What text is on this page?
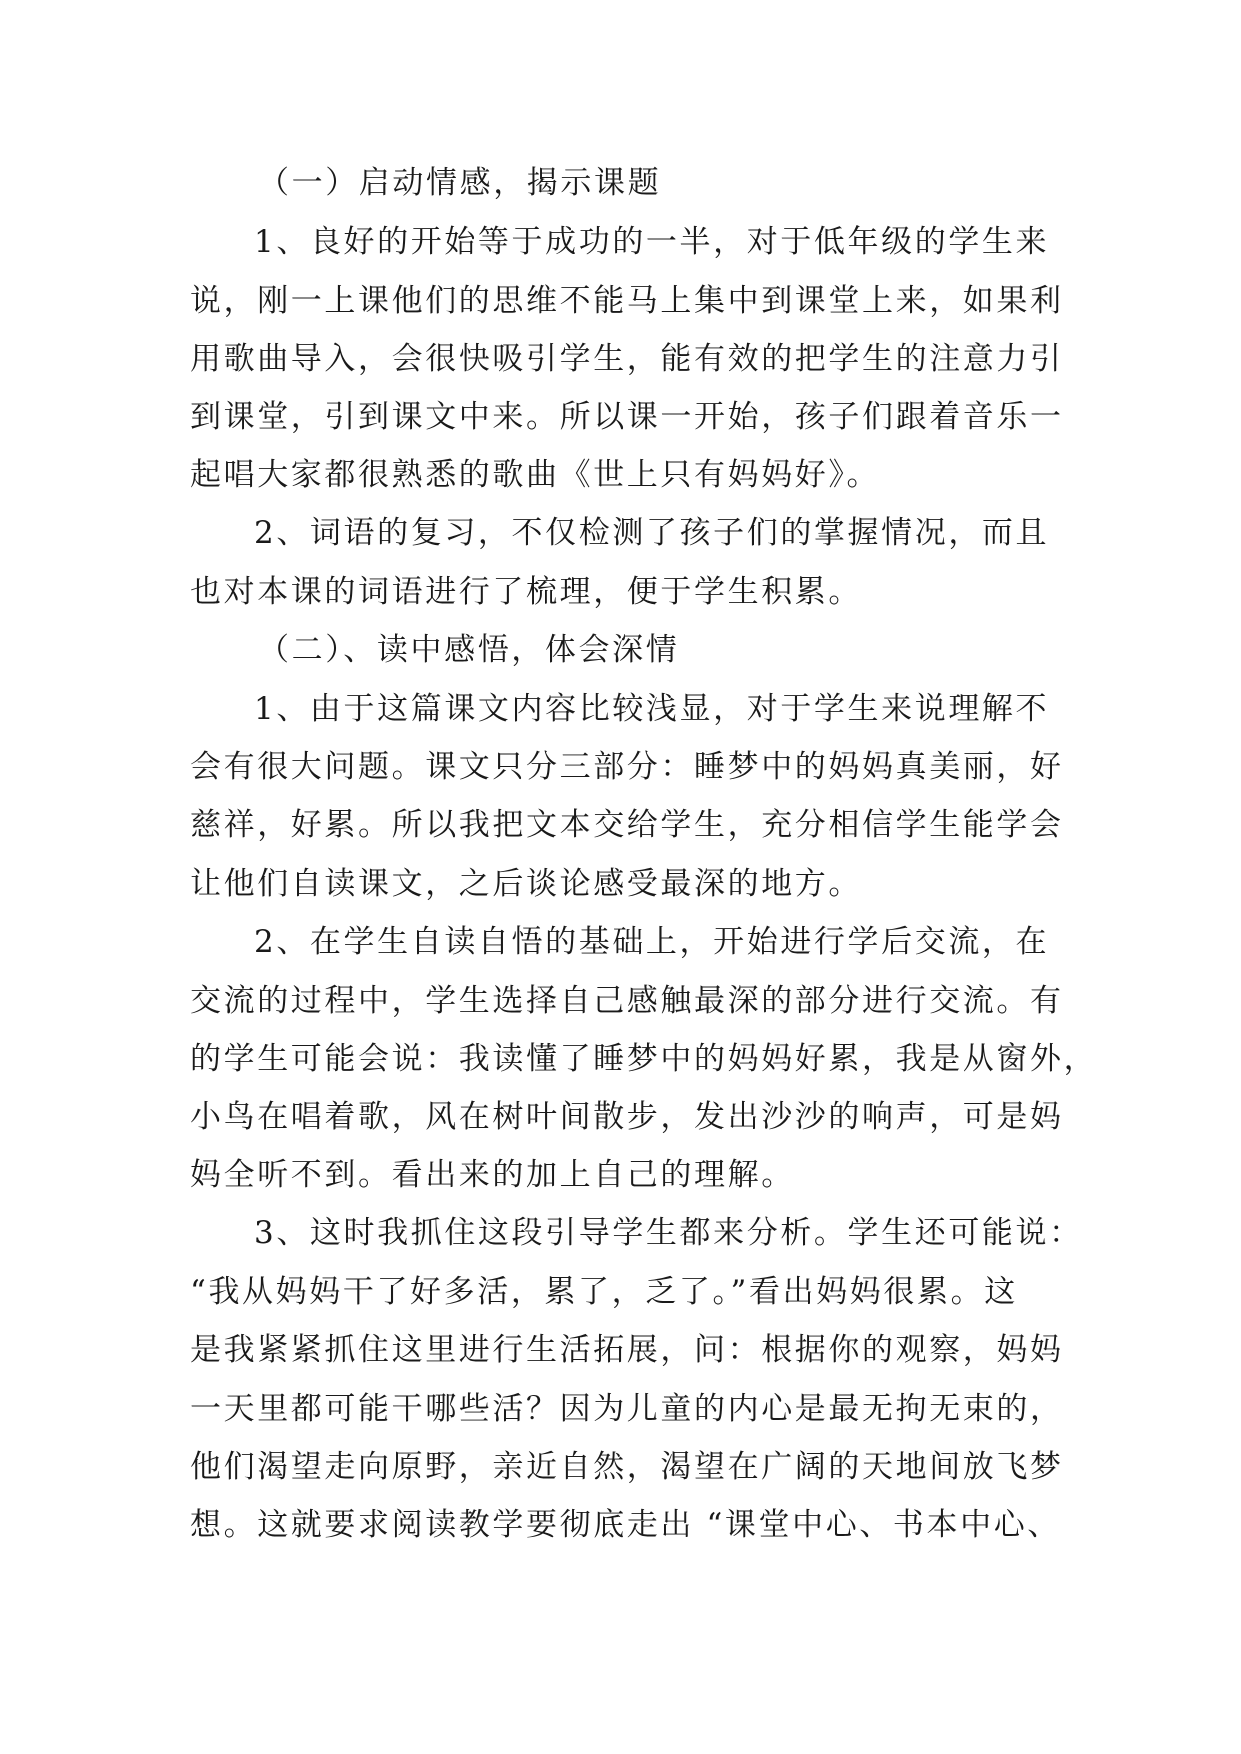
（一）启动情感，揭示课题
1、良好的开始等于成功的一半，对于低年级的学生来
说，刚一上课他们的思维不能马上集中到课堂上来，如果利
用歌曲导入，会很快吸引学生，能有效的把学生的注意力引
到课堂，引到课文中来。所以课一开始，孩子们跟着音乐一
起唱大家都很熟悉的歌曲《世上只有妈妈好》。
2、词语的复习，不仅检测了孩子们的掌握情况，而且
也对本课的词语进行了梳理，便于学生积累。
（二）、读中感悟，体会深情
1、由于这篇课文内容比较浅显，对于学生来说理解不
会有很大问题。课文只分三部分：睡梦中的妈妈真美丽，好
慈祥，好累。所以我把文本交给学生，充分相信学生能学会
让他们自读课文，之后谈论感受最深的地方。
2、在学生自读自悟的基础上，开始进行学后交流，在
交流的过程中，学生选择自己感触最深的部分进行交流。有
的学生可能会说：我读懂了睡梦中的妈妈好累，我是从窗外，
小鸟在唱着歌，风在树叶间散步，发出沙沙的响声，可是妈
妈全听不到。看出来的加上自己的理解。
3、这时我抓住这段引导学生都来分析。学生还可能说：
“我从妈妈干了好多活，累了，乏了。”看出妈妈很累。这
是我紧紧抓住这里进行生活拓展，问：根据你的观察，妈妈
一天里都可能干哪些活？因为儿童的内心是最无拘无束的，
他们渴望走向原野，亲近自然，渴望在广阔的天地间放飞梦
想。这就要求阅读教学要彻底走出 “课堂中心、书本中心、
